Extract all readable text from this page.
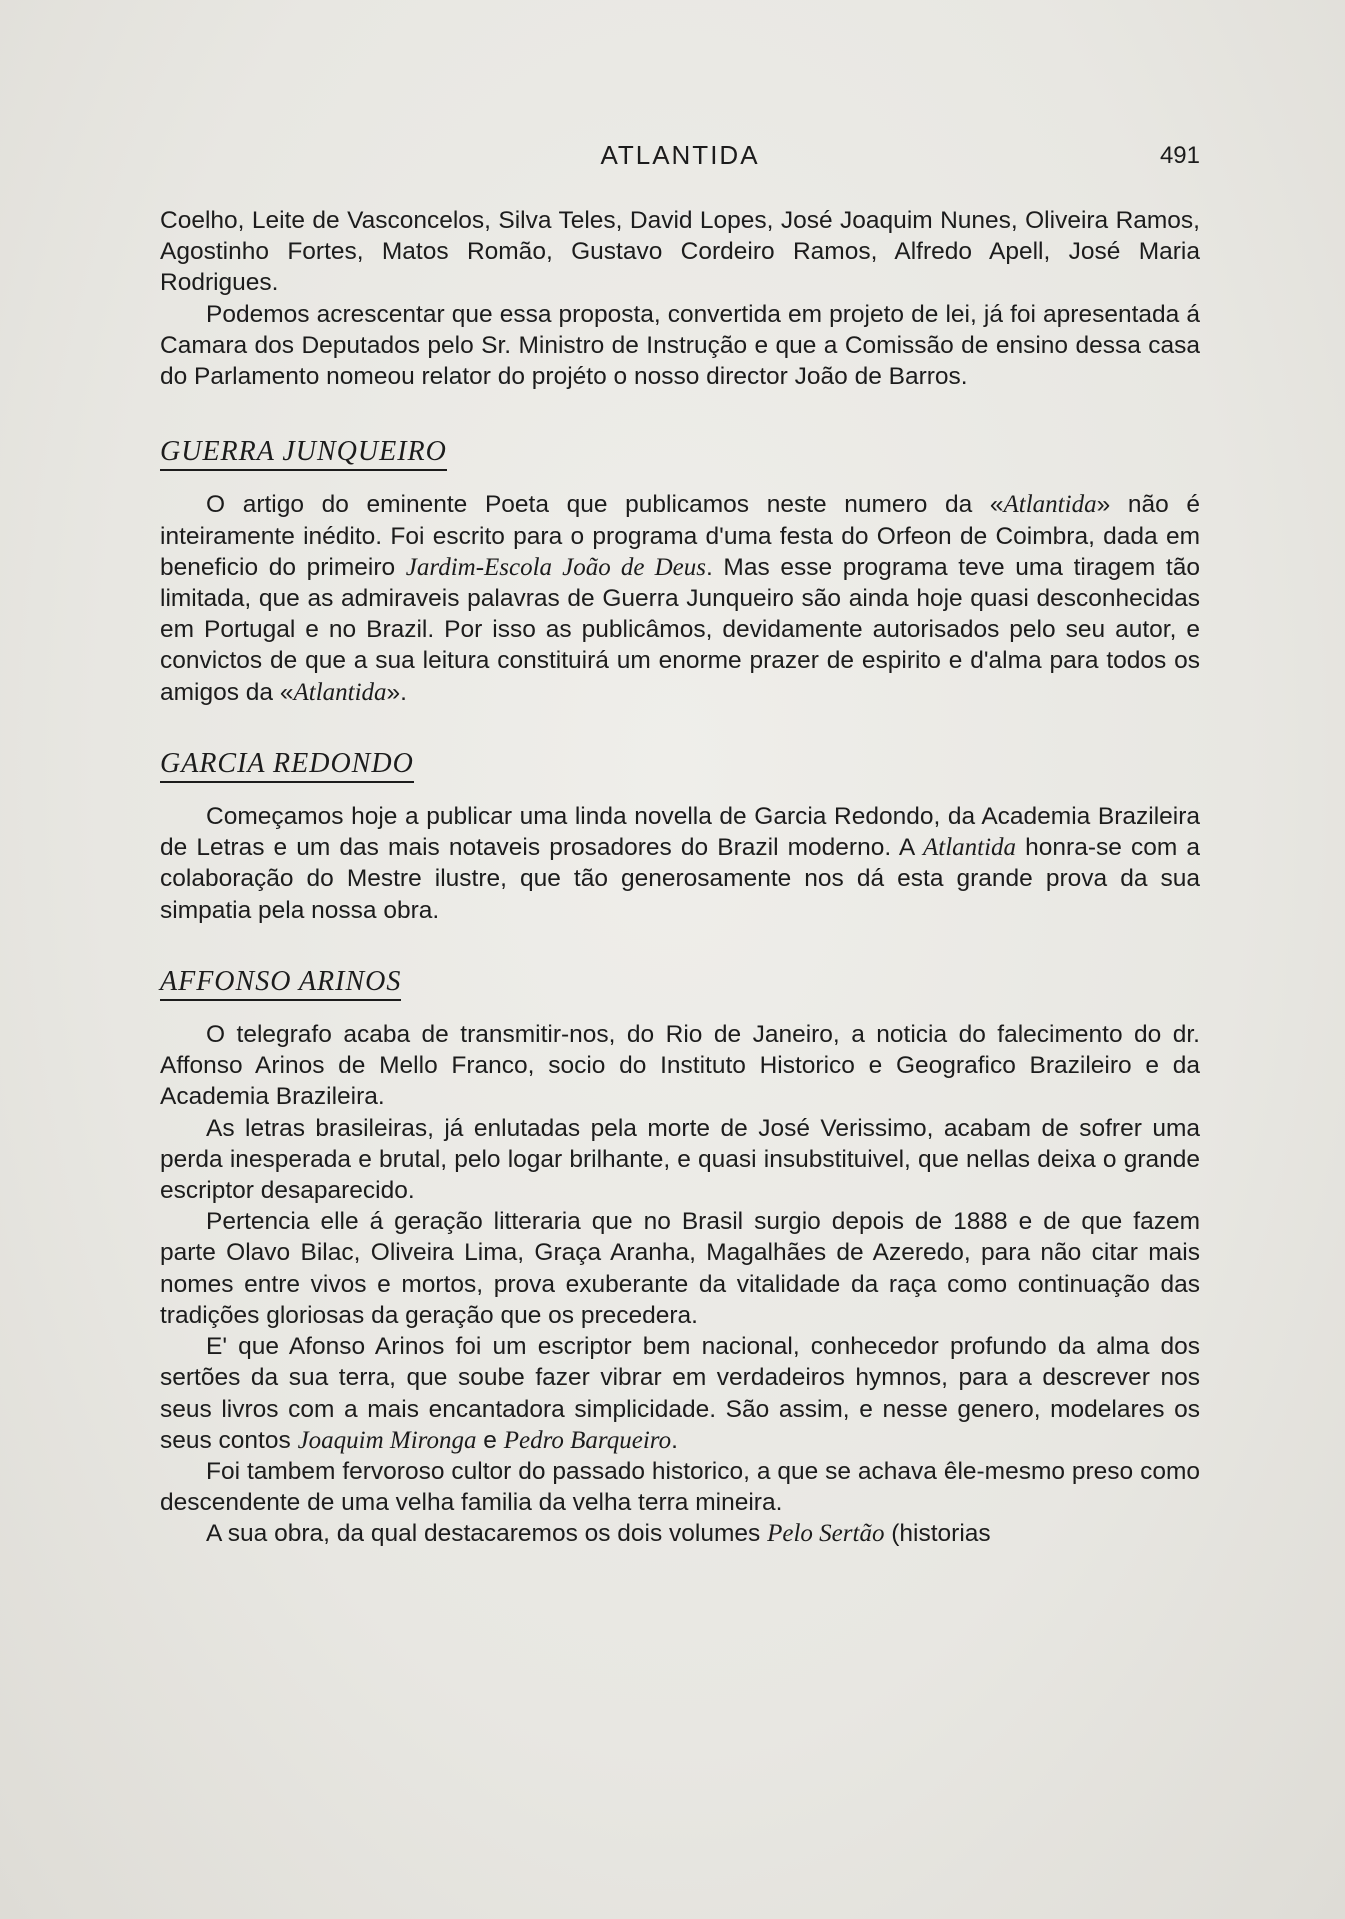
ATLANTIDA	491

Coelho, Leite de Vasconcelos, Silva Teles, David Lopes, José Joaquim Nunes, Oliveira Ramos, Agostinho Fortes, Matos Romão, Gustavo Cordeiro Ramos, Alfredo Apell, José Maria Rodrigues.

Podemos acrescentar que essa proposta, convertida em projeto de lei, já foi apresentada á Camara dos Deputados pelo Sr. Ministro de Instrução e que a Comissão de ensino dessa casa do Parlamento nomeou relator do projéto o nosso director João de Barros.

GUERRA JUNQUEIRO

O artigo do eminente Poeta que publicamos neste numero da «Atlantida» não é inteiramente inédito. Foi escrito para o programa d'uma festa do Orfeon de Coimbra, dada em beneficio do primeiro Jardim-Escola João de Deus. Mas esse programa teve uma tiragem tão limitada, que as admiraveis palavras de Guerra Junqueiro são ainda hoje quasi desconhecidas em Portugal e no Brazil. Por isso as publicâmos, devidamente autorisados pelo seu autor, e convictos de que a sua leitura constituirá um enorme prazer de espirito e d'alma para todos os amigos da «Atlantida».

GARCIA REDONDO

Começamos hoje a publicar uma linda novella de Garcia Redondo, da Academia Brazileira de Letras e um das mais notaveis prosadores do Brazil moderno. A Atlantida honra-se com a colaboração do Mestre ilustre, que tão generosamente nos dá esta grande prova da sua simpatia pela nossa obra.

AFFONSO ARINOS

O telegrafo acaba de transmitir-nos, do Rio de Janeiro, a noticia do falecimento do dr. Affonso Arinos de Mello Franco, socio do Instituto Historico e Geografico Brazileiro e da Academia Brazileira.

As letras brasileiras, já enlutadas pela morte de José Verissimo, acabam de sofrer uma perda inesperada e brutal, pelo logar brilhante, e quasi insubstituivel, que nellas deixa o grande escriptor desaparecido.

Pertencia elle á geração litteraria que no Brasil surgio depois de 1888 e de que fazem parte Olavo Bilac, Oliveira Lima, Graça Aranha, Magalhães de Azeredo, para não citar mais nomes entre vivos e mortos, prova exuberante da vitalidade da raça como continuação das tradições gloriosas da geração que os precedera.

E' que Afonso Arinos foi um escriptor bem nacional, conhecedor profundo da alma dos sertões da sua terra, que soube fazer vibrar em verdadeiros hymnos, para a descrever nos seus livros com a mais encantadora simplicidade. São assim, e nesse genero, modelares os seus contos Joaquim Mironga e Pedro Barqueiro.

Foi tambem fervoroso cultor do passado historico, a que se achava êle-mesmo preso como descendente de uma velha familia da velha terra mineira.

A sua obra, da qual destacaremos os dois volumes Pelo Sertão (historias
